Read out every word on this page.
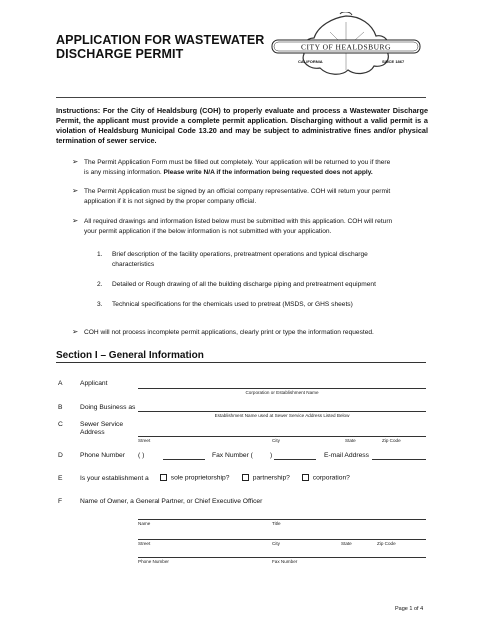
APPLICATION FOR WASTEWATER
DISCHARGE PERMIT	CITY OF HEALDSBURG
CALIFORNIA	SINCE 1867
Instructions: For the City of Healdsburg (COH) to properly evaluate and process a Wastewater Discharge Permit, the applicant must provide a complete permit application. Discharging without a valid permit is a violation of Healdsburg Municipal Code 13.20 and may be subject to administrative fines and/or physical termination of sewer service.
➢ The Permit Application Form must be filled out completely. Your application will be returned to you if there
is any missing information. Please write N/A if the information being requested does not apply.
➢ The Permit Application must be signed by an official company representative. COH will return your permit
application if it is not signed by the proper company official.
➢ All required drawings and information listed below must be submitted with this application. COH will return
your permit application if the below information is not submitted with your application.
1. Brief description of the facility operations, pretreatment operations and typical discharge
characteristics
2. Detailed or Rough drawing of all the building discharge piping and pretreatment equipment
3. Technical specifications for the chemicals used to pretreat (MSDS, or GHS sheets)
➢ COH will not process incomplete permit applications, clearly print or type the information requested.
Section I – General Information
A	Applicant
Corporation or Establishment Name
B	Doing Business as
Establishment Name used at Sewer Service Address Listed Below
C	Sewer Service
Address
Street	City	State	Zip Code
D	Phone Number ( )	Fax Number (	)	E-mail Address
E	Is your establishment a	sole proprietorship?	partnership?	corporation?
F	Name of Owner, a General Partner, or Chief Executive Officer
Name	Title
Street	City	State	Zip Code
Phone Number	Fax Number
Page 1 of 4
